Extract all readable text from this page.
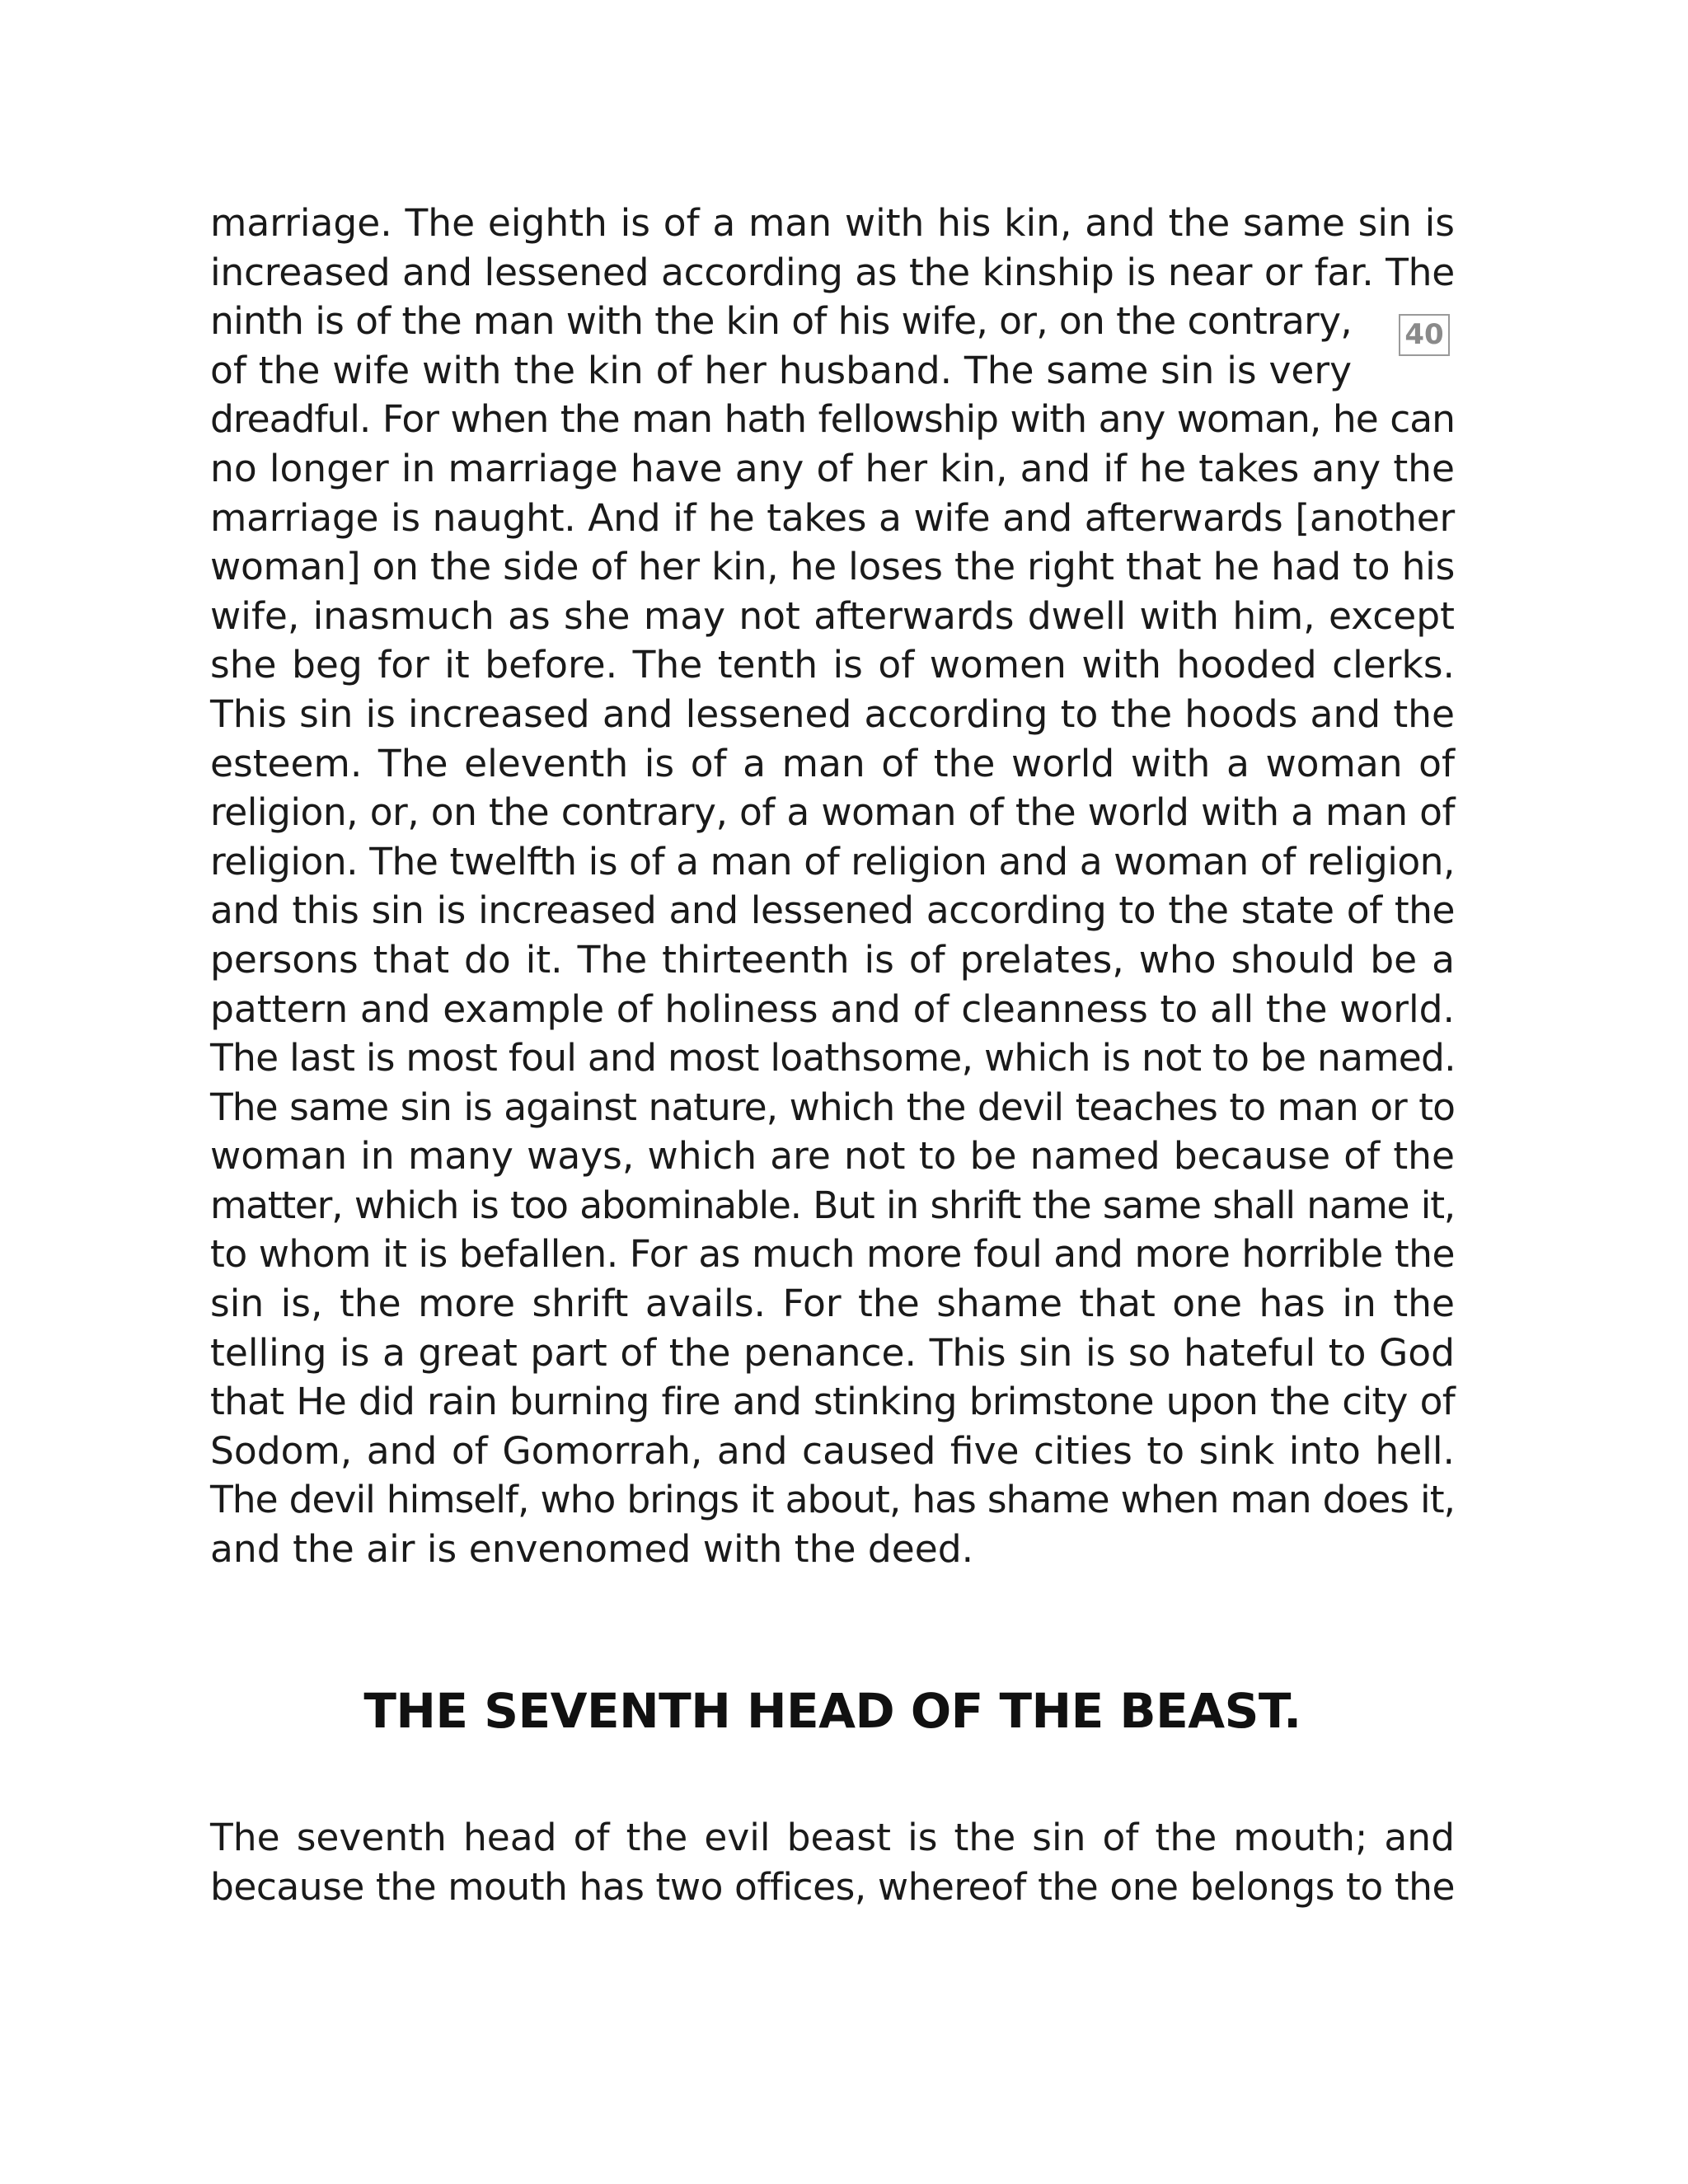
marriage. The eighth is of a man with his kin, and the same sin is
increased and lessened according as the kinship is near or far. The
ninth is of the man with the kin of his wife, or, on the contrary,
of the wife with the kin of her husband. The same sin is very
dreadful. For when the man hath fellowship with any woman, he can
no longer in marriage have any of her kin, and if he takes any the
marriage is naught. And if he takes a wife and afterwards [another
woman] on the side of her kin, he loses the right that he had to his
wife, inasmuch as she may not afterwards dwell with him, except
she beg for it before. The tenth is of women with hooded clerks.
This sin is increased and lessened according to the hoods and the
esteem. The eleventh is of a man of the world with a woman of
religion, or, on the contrary, of a woman of the world with a man of
religion. The twelfth is of a man of religion and a woman of religion,
and this sin is increased and lessened according to the state of the
persons that do it. The thirteenth is of prelates, who should be a
pattern and example of holiness and of cleanness to all the world.
The last is most foul and most loathsome, which is not to be named.
The same sin is against nature, which the devil teaches to man or to
woman in many ways, which are not to be named because of the
matter, which is too abominable. But in shrift the same shall name it,
to whom it is befallen. For as much more foul and more horrible the
sin is, the more shrift avails. For the shame that one has in the
telling is a great part of the penance. This sin is so hateful to God
that He did rain burning fire and stinking brimstone upon the city of
Sodom, and of Gomorrah, and caused five cities to sink into hell.
The devil himself, who brings it about, has shame when man does it,
and the air is envenomed with the deed.
40
THE SEVENTH HEAD OF THE BEAST.
The seventh head of the evil beast is the sin of the mouth; and
because the mouth has two offices, whereof the one belongs to the
